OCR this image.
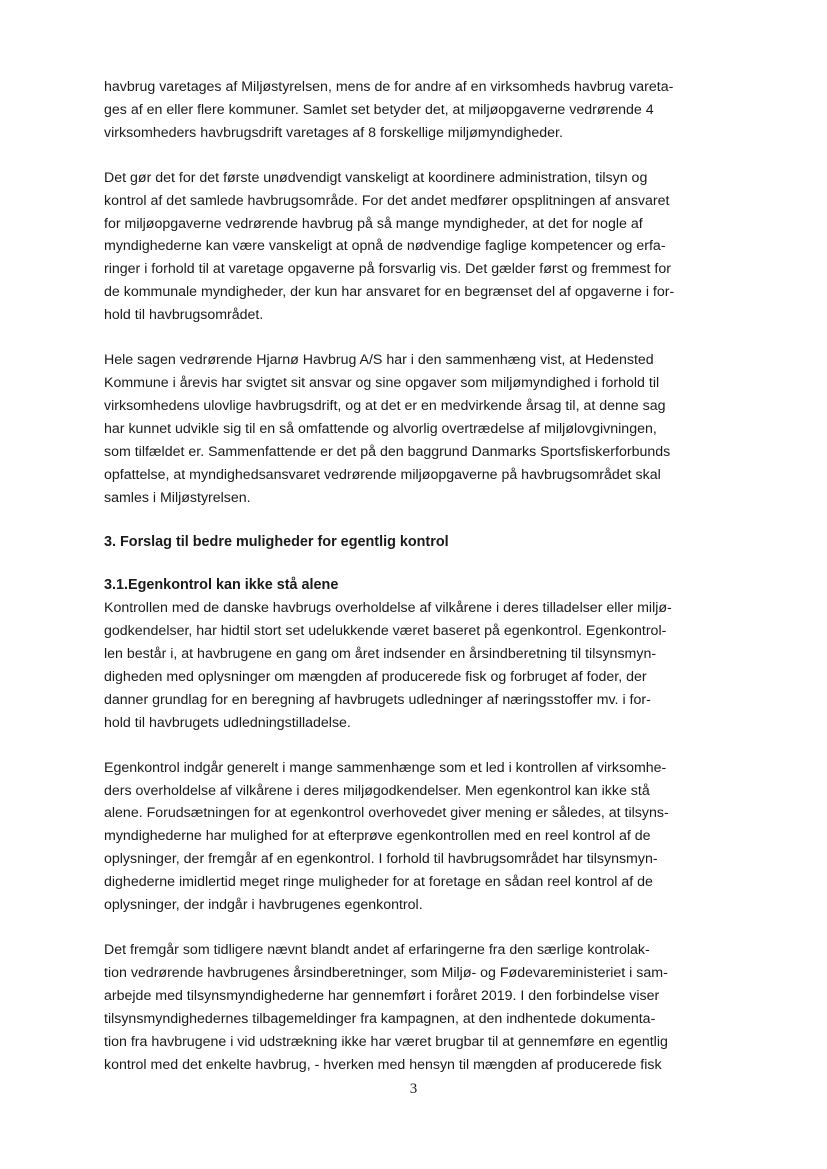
havbrug varetages af Miljøstyrelsen, mens de for andre af en virksomheds havbrug vareta-
ges af en eller flere kommuner. Samlet set betyder det, at miljøopgaverne vedrørende 4
virksomheders havbrugsdrift varetages af 8 forskellige miljømyndigheder.

Det gør det for det første unødvendigt vanskeligt at koordinere administration, tilsyn og
kontrol af det samlede havbrugsområde. For det andet medfører opsplitningen af ansvaret
for miljøopgaverne vedrørende havbrug på så mange myndigheder, at det for nogle af
myndighederne kan være vanskeligt at opnå de nødvendige faglige kompetencer og erfa-
ringer i forhold til at varetage opgaverne på forsvarlig vis. Det gælder først og fremmest for
de kommunale myndigheder, der kun har ansvaret for en begrænset del af opgaverne i for-
hold til havbrugsområdet.

Hele sagen vedrørende Hjarnø Havbrug A/S har i den sammenhæng vist, at Hedensted
Kommune i årevis har svigtet sit ansvar og sine opgaver som miljømyndighed i forhold til
virksomhedens ulovlige havbrugsdrift, og at det er en medvirkende årsag til, at denne sag
har kunnet udvikle sig til en så omfattende og alvorlig overtrædelse af miljølovgivningen,
som tilfældet er. Sammenfattende er det på den baggrund Danmarks Sportsfiskerforbunds
opfattelse, at myndighedsansvaret vedrørende miljøopgaverne på havbrugsområdet skal
samles i Miljøstyrelsen.

3. Forslag til bedre muligheder for egentlig kontrol
3.1.Egenkontrol kan ikke stå alene

Kontrollen med de danske havbrugs overholdelse af vilkårene i deres tilladelser eller miljø-
godkendelser, har hidtil stort set udelukkende været baseret på egenkontrol. Egenkontrol-
len består i, at havbrugene en gang om året indsender en årsindberetning til tilsynsmyn-
digheden med oplysninger om mængden af producerede fisk og forbruget af foder, der
danner grundlag for en beregning af havbrugets udledninger af næringsstoffer mv. i for-
hold til havbrugets udledningstilladelse.

Egenkontrol indgår generelt i mange sammenhænge som et led i kontrollen af virksomhe-
ders overholdelse af vilkårene i deres miljøgodkendelser. Men egenkontrol kan ikke stå
alene. Forudsætningen for at egenkontrol overhovedet giver mening er således, at tilsyns-
myndighederne har mulighed for at efterprøve egenkontrollen med en reel kontrol af de
oplysninger, der fremgår af en egenkontrol. I forhold til havbrugsområdet har tilsynsmyn-
dighederne imidlertid meget ringe muligheder for at foretage en sådan reel kontrol af de
oplysninger, der indgår i havbrugenes egenkontrol.

Det fremgår som tidligere nævnt blandt andet af erfaringerne fra den særlige kontrolak-
tion vedrørende havbrugenes årsindberetninger, som Miljø- og Fødevareministeriet i sam-
arbejde med tilsynsmyndighederne har gennemført i foråret 2019. I den forbindelse viser
tilsynsmyndighedernes tilbagemeldinger fra kampagnen, at den indhentede dokumenta-
tion fra havbrugene i vid udstrækning ikke har været brugbar til at gennemføre en egentlig
kontrol med det enkelte havbrug, - hverken med hensyn til mængden af producerede fisk

3
